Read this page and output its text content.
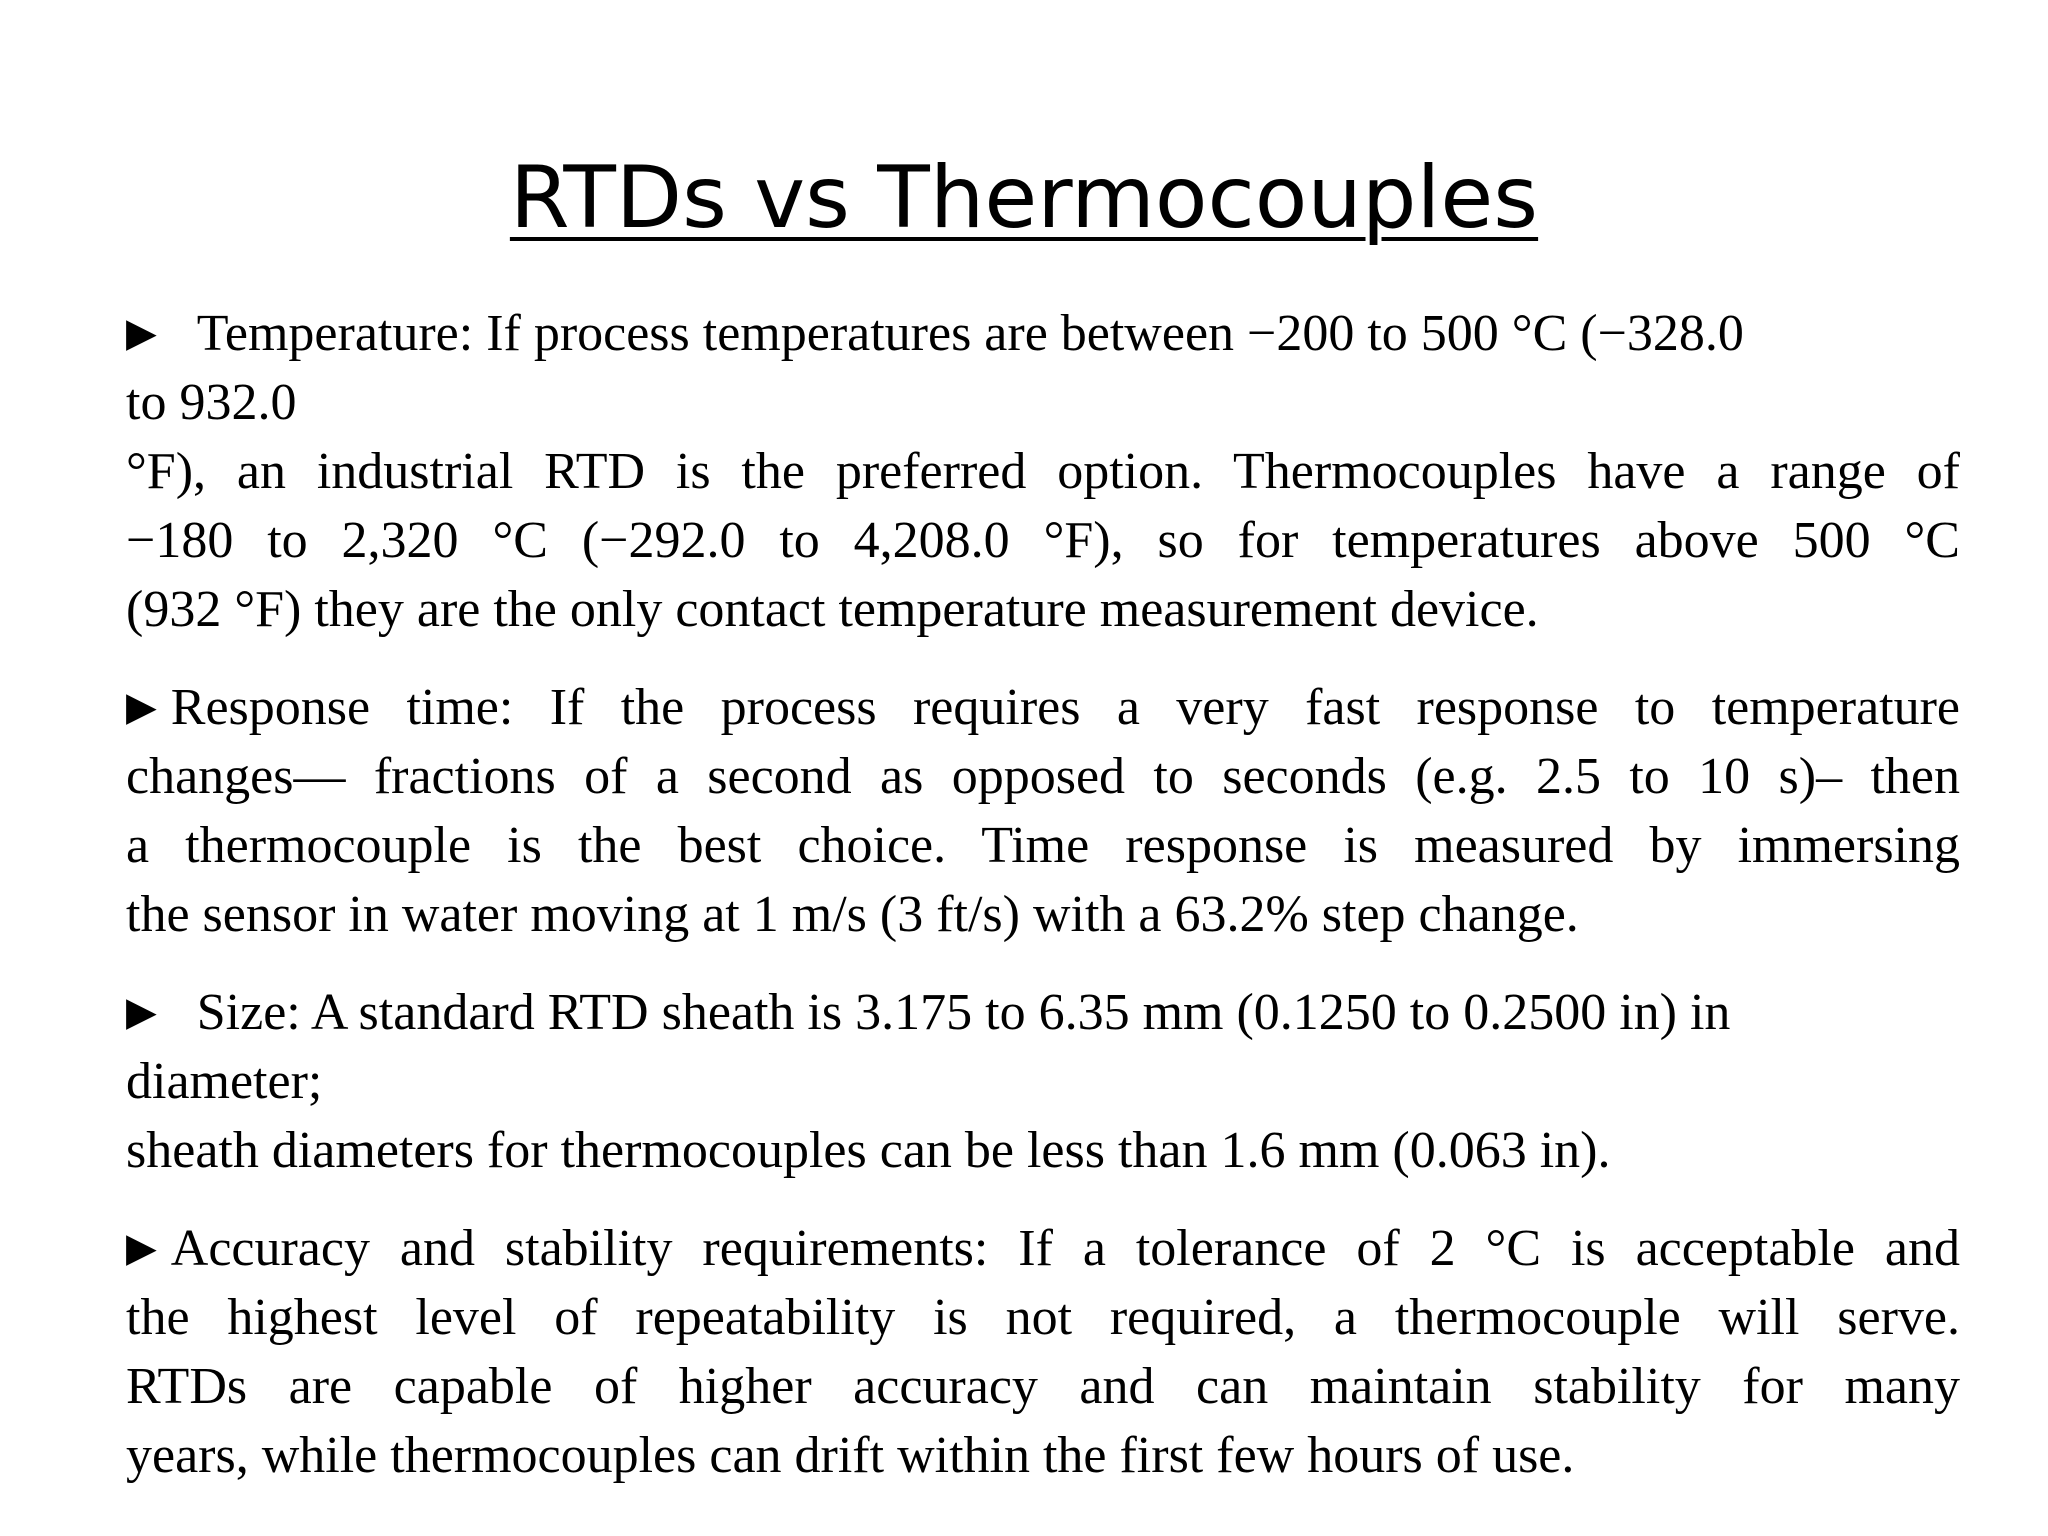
RTDs vs Thermocouples

▶ Temperature: If process temperatures are between −200 to 500 °C (−328.0
to 932.0
°F), an industrial RTD is the preferred option. Thermocouples have a range of
−180 to 2,320 °C (−292.0 to 4,208.0 °F), so for temperatures above 500 °C
(932 °F) they are the only contact temperature measurement device.

▶ Response time: If the process requires a very fast response to temperature
changes— fractions of a second as opposed to seconds (e.g. 2.5 to 10 s)– then
a thermocouple is the best choice. Time response is measured by immersing
the sensor in water moving at 1 m/s (3 ft/s) with a 63.2% step change.

▶ Size: A standard RTD sheath is 3.175 to 6.35 mm (0.1250 to 0.2500 in) in
diameter;
sheath diameters for thermocouples can be less than 1.6 mm (0.063 in).

▶ Accuracy and stability requirements: If a tolerance of 2 °C is acceptable and
the highest level of repeatability is not required, a thermocouple will serve.
RTDs are capable of higher accuracy and can maintain stability for many
years, while thermocouples can drift within the first few hours of use.
